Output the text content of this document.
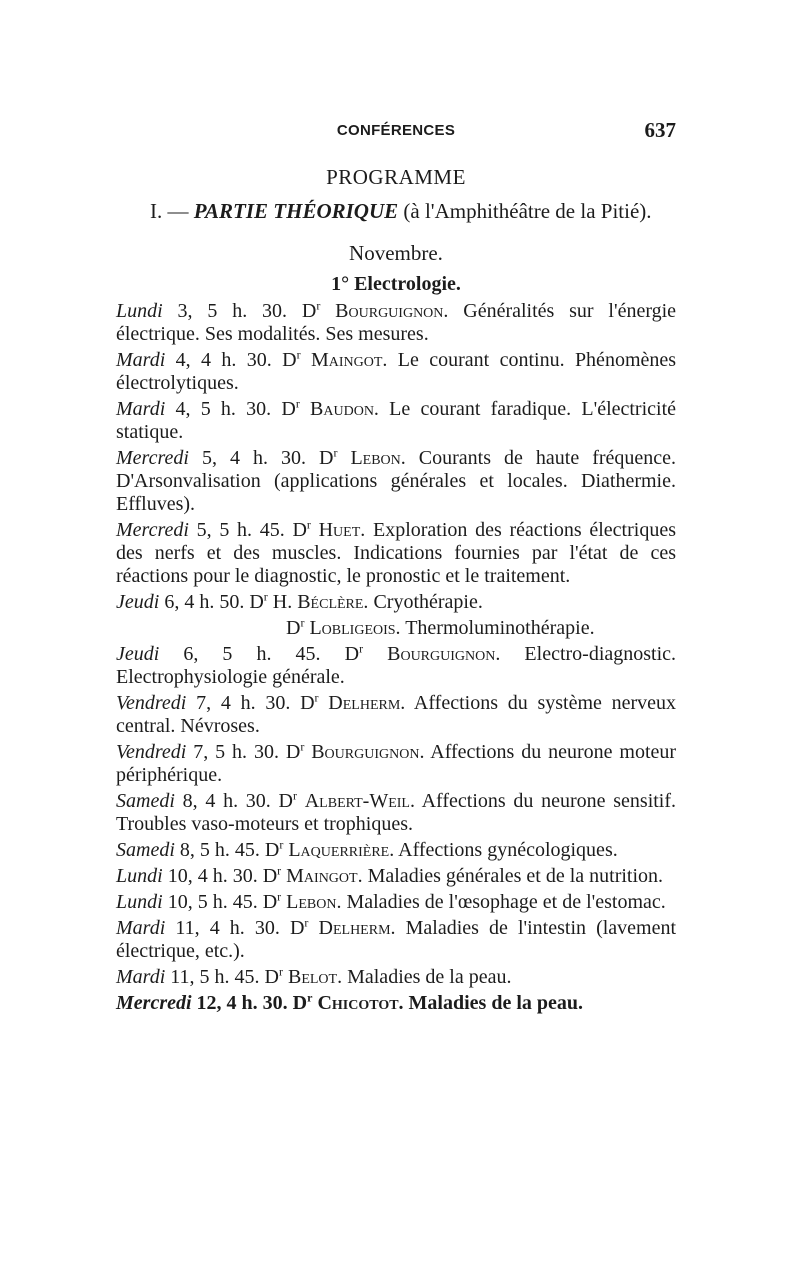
CONFÉRENCES	637
PROGRAMME
I. — PARTIE THÉORIQUE (à l'Amphithéâtre de la Pitié).
Novembre.
1° Electrologie.
Lundi 3, 5 h. 30. $D^r$ Bourguignon. Généralités sur l'énergie électrique. Ses modalités. Ses mesures.
Mardi 4, 4 h. 30. $D^r$ Maingot. Le courant continu. Phénomènes électrolytiques.
Mardi 4, 5 h. 30. $D^r$ Baudon. Le courant faradique. L'électricité statique.
Mercredi 5, 4 h. 30. $D^r$ Lebon. Courants de haute fréquence. D'Arsonvalisation (applications générales et locales. Diathermie. Effluves).
Mercredi 5, 5 h. 45. $D^r$ Huet. Exploration des réactions électriques des nerfs et des muscles. Indications fournies par l'état de ces réactions pour le diagnostic, le pronostic et le traitement.
Jeudi 6, 4 h. 50. $D^r$ H. Béclère. Cryothérapie.
$D^r$ Lobligeois. Thermoluminothérapie.
Jeudi 6, 5 h. 45. $D^r$ Bourguignon. Electro-diagnostic. Electrophysiologie générale.
Vendredi 7, 4 h. 30. $D^r$ Delherm. Affections du système nerveux central. Névroses.
Vendredi 7, 5 h. 30. $D^r$ Bourguignon. Affections du neurone moteur périphérique.
Samedi 8, 4 h. 30. $D^r$ Albert-Weil. Affections du neurone sensitif. Troubles vaso-moteurs et trophiques.
Samedi 8, 5 h. 45. $D^r$ Laquerrière. Affections gynécologiques.
Lundi 10, 4 h. 30. $D^r$ Maingot. Maladies générales et de la nutrition.
Lundi 10, 5 h. 45. $D^r$ Lebon. Maladies de l'œsophage et de l'estomac.
Mardi 11, 4 h. 30. $D^r$ Delherm. Maladies de l'intestin (lavement électrique, etc.).
Mardi 11, 5 h. 45. $D^r$ Belot. Maladies de la peau.
Mercredi 12, 4 h. 30. $D^r$ Chicotot. Maladies de la peau.
